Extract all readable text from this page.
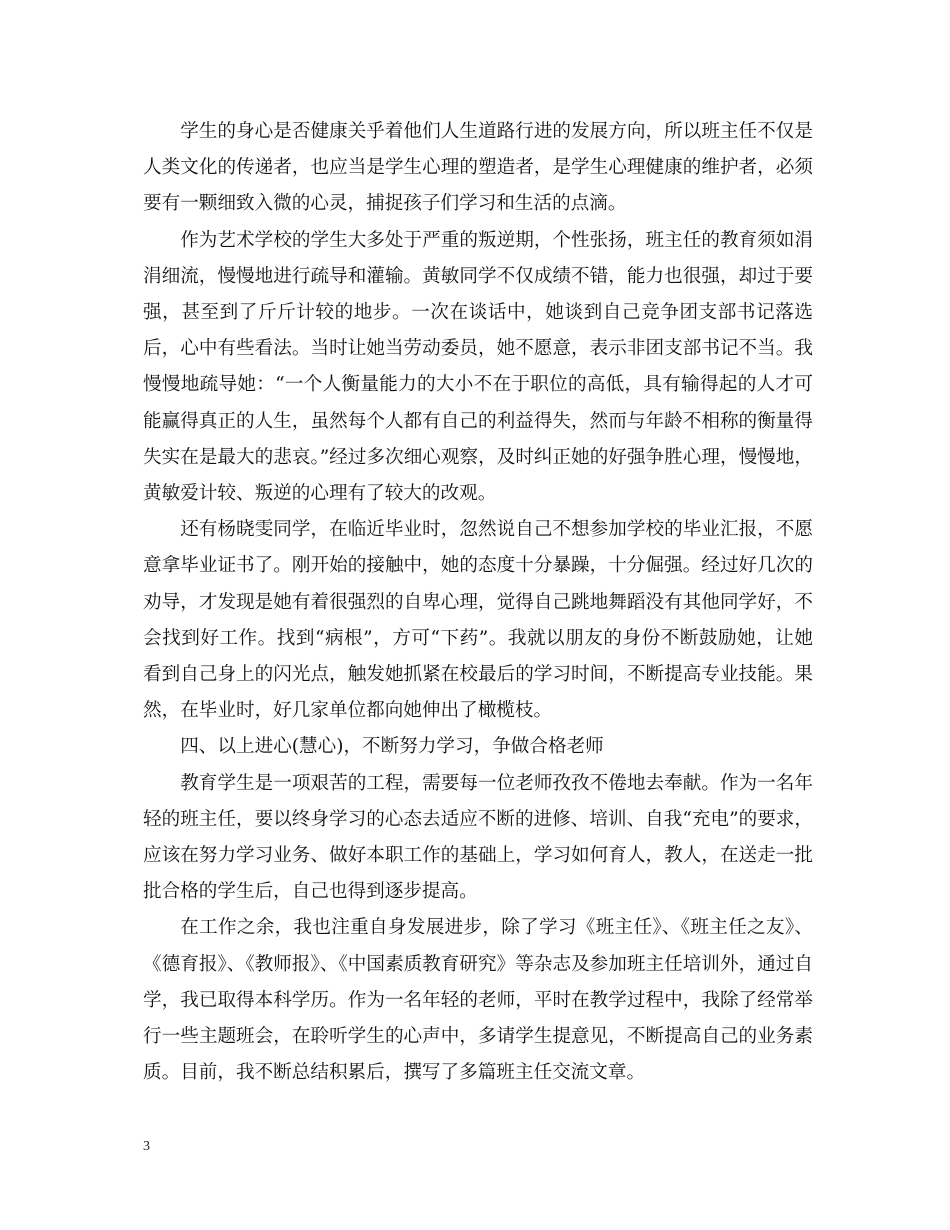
学生的身心是否健康关乎着他们人生道路行进的发展方向，所以班主任不仅是人类文化的传递者，也应当是学生心理的塑造者，是学生心理健康的维护者，必须要有一颗细致入微的心灵，捕捉孩子们学习和生活的点滴。

作为艺术学校的学生大多处于严重的叛逆期，个性张扬，班主任的教育须如涓涓细流，慢慢地进行疏导和灌输。黄敏同学不仅成绩不错，能力也很强，却过于要强，甚至到了斤斤计较的地步。一次在谈话中，她谈到自己竞争团支部书记落选后，心中有些看法。当时让她当劳动委员，她不愿意，表示非团支部书记不当。我慢慢地疏导她：“一个人衡量能力的大小不在于职位的高低，具有输得起的人才可能赢得真正的人生，虽然每个人都有自己的利益得失，然而与年龄不相称的衡量得失实在是最大的悲哀。”经过多次细心观察，及时纠正她的好强争胜心理，慢慢地，黄敏爱计较、叛逆的心理有了较大的改观。

还有杨晓雯同学，在临近毕业时，忽然说自己不想参加学校的毕业汇报，不愿意拿毕业证书了。刚开始的接触中，她的态度十分暴躁，十分倔强。经过好几次的劝导，才发现是她有着很强烈的自卑心理，觉得自己跳地舞蹈没有其他同学好，不会找到好工作。找到“病根”，方可“下药”。我就以朋友的身份不断鼓励她，让她看到自己身上的闪光点，触发她抓紧在校最后的学习时间，不断提高专业技能。果然，在毕业时，好几家单位都向她伸出了橄榄枝。

四、以上进心(慧心)，不断努力学习，争做合格老师

教育学生是一项艰苦的工程，需要每一位老师孜孜不倦地去奉献。作为一名年轻的班主任，要以终身学习的心态去适应不断的进修、培训、自我“充电”的要求，应该在努力学习业务、做好本职工作的基础上，学习如何育人，教人，在送走一批批合格的学生后，自己也得到逐步提高。

在工作之余，我也注重自身发展进步，除了学习《班主任》、《班主任之友》、《德育报》、《教师报》、《中国素质教育研究》等杂志及参加班主任培训外，通过自学，我已取得本科学历。作为一名年轻的老师，平时在教学过程中，我除了经常举行一些主题班会，在聆听学生的心声中，多请学生提意见，不断提高自己的业务素质。目前，我不断总结积累后，撰写了多篇班主任交流文章。

3
